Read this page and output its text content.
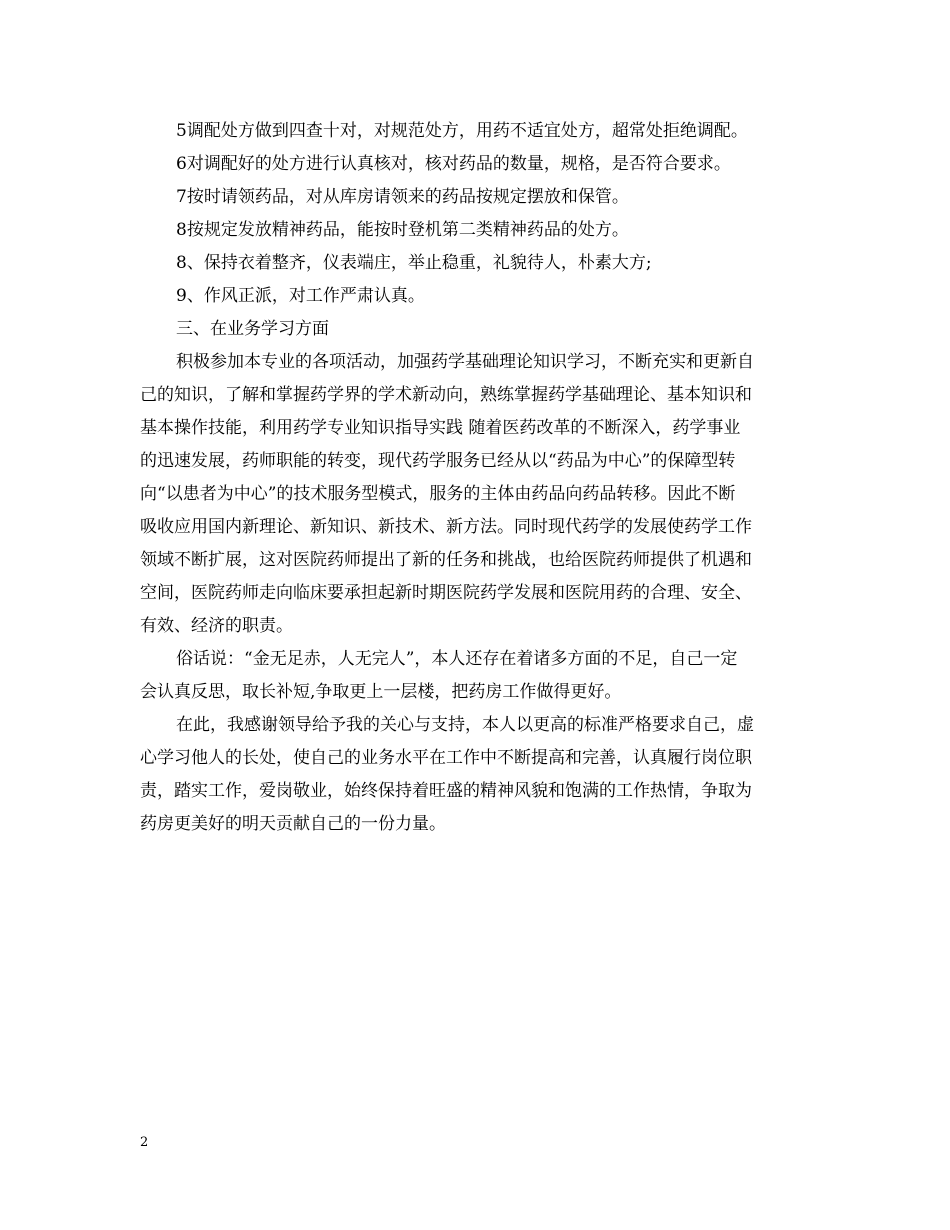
5调配处方做到四查十对，对规范处方，用药不适宜处方，超常处拒绝调配。
6对调配好的处方进行认真核对，核对药品的数量，规格，是否符合要求。
7按时请领药品，对从库房请领来的药品按规定摆放和保管。
8按规定发放精神药品，能按时登机第二类精神药品的处方。
8、保持衣着整齐，仪表端庄，举止稳重，礼貌待人，朴素大方;
9、作风正派，对工作严肃认真。
三、在业务学习方面
积极参加本专业的各项活动，加强药学基础理论知识学习，不断充实和更新自
己的知识，了解和掌握药学界的学术新动向，熟练掌握药学基础理论、基本知识和
基本操作技能，利用药学专业知识指导实践 随着医药改革的不断深入，药学事业
的迅速发展，药师职能的转变，现代药学服务已经从以“药品为中心”的保障型转
向“以患者为中心”的技术服务型模式，服务的主体由药品向药品转移。因此不断
吸收应用国内新理论、新知识、新技术、新方法。同时现代药学的发展使药学工作
领域不断扩展，这对医院药师提出了新的任务和挑战，也给医院药师提供了机遇和
空间，医院药师走向临床要承担起新时期医院药学发展和医院用药的合理、安全、
有效、经济的职责。
俗话说：“金无足赤，人无完人”，本人还存在着诸多方面的不足，自己一定
会认真反思，取长补短,争取更上一层楼，把药房工作做得更好。
在此，我感谢领导给予我的关心与支持，本人以更高的标准严格要求自己，虚
心学习他人的长处，使自己的业务水平在工作中不断提高和完善，认真履行岗位职
责，踏实工作，爱岗敬业，始终保持着旺盛的精神风貌和饱满的工作热情，争取为
药房更美好的明天贡献自己的一份力量。
2
